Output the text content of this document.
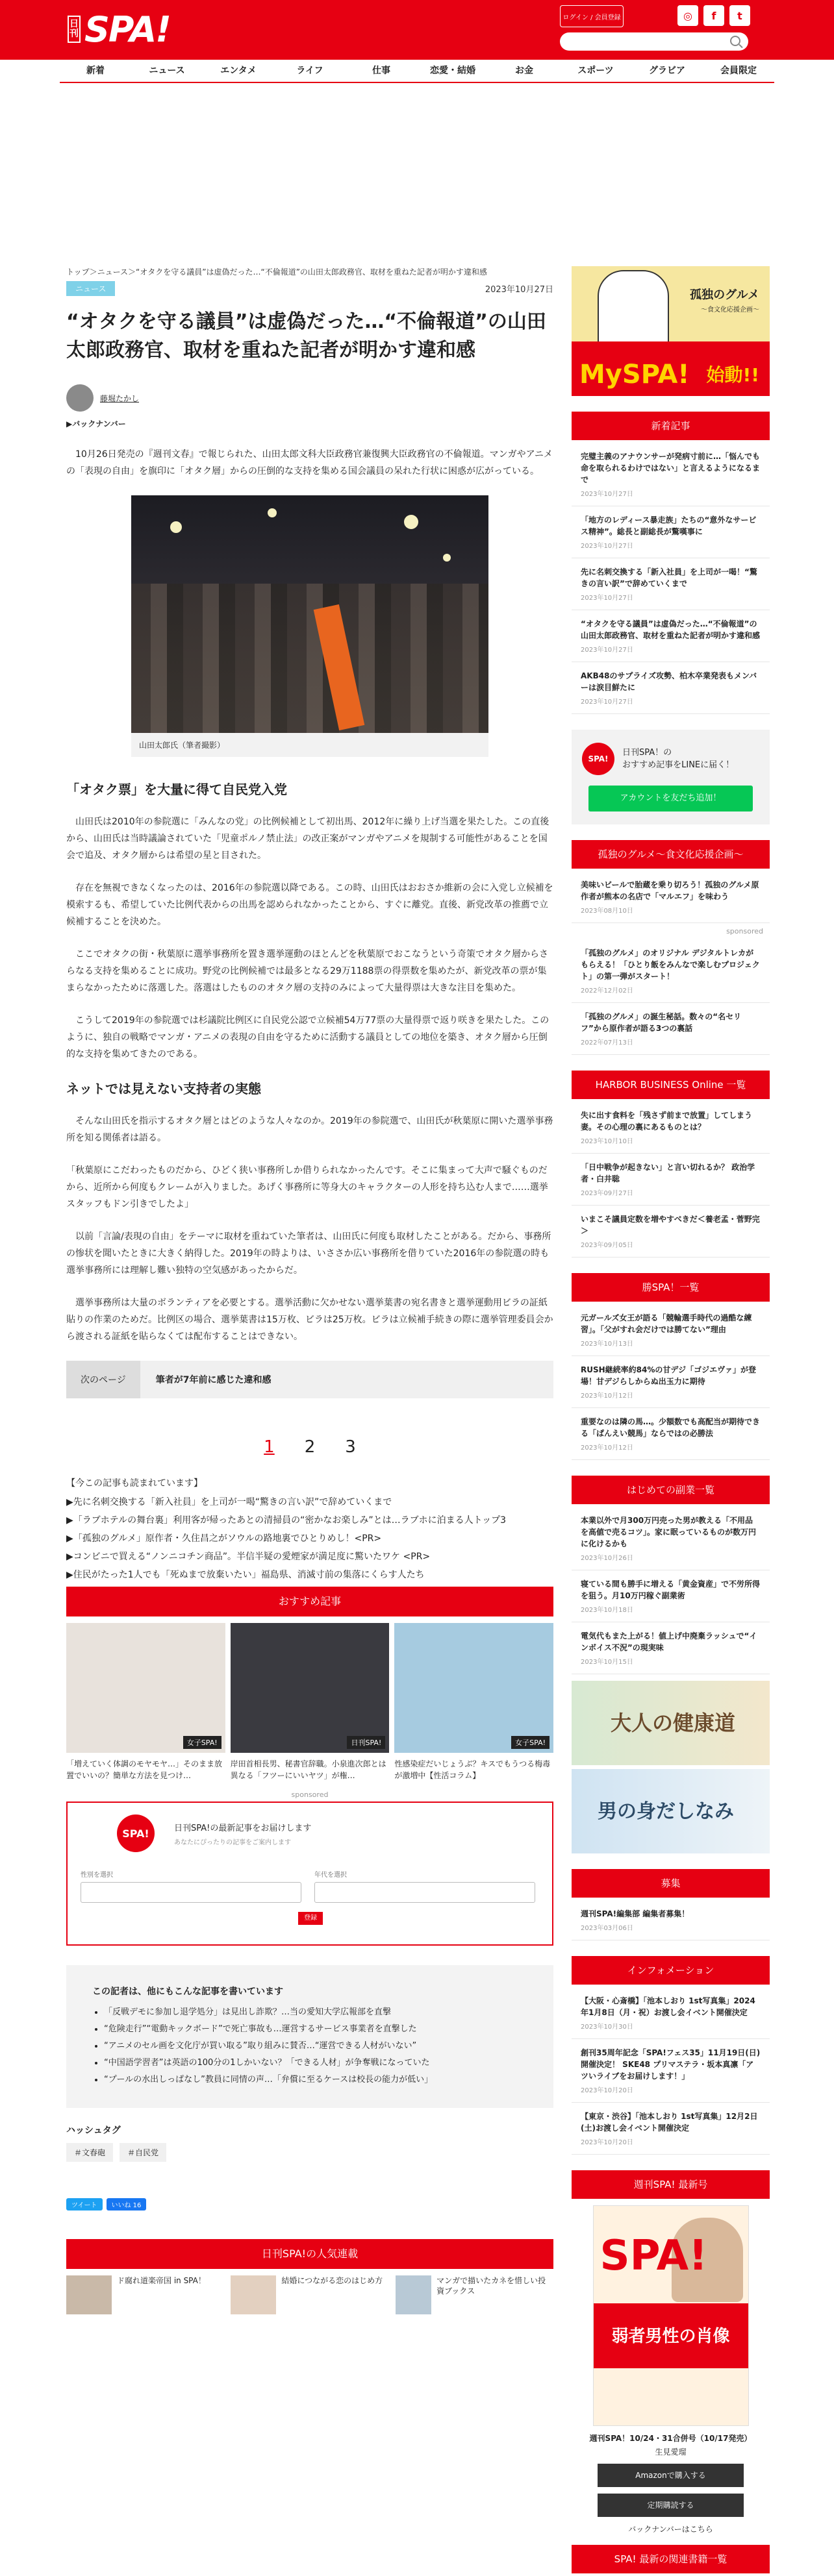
日刊 SPA!	ログイン / 会員登録	◎	f	t
新着	ニュース	エンタメ	ライフ	仕事	恋愛・結婚	お金	スポーツ	グラビア	会員限定
トップ＞ニュース＞“オタクを守る議員”は虚偽だった…“不倫報道”の山田太郎政務官、取材を重ねた記者が明かす違和感
ニュース	2023年10月27日
“オタクを守る議員”は虚偽だった…“不倫報道”の山田太郎政務官、取材を重ねた記者が明かす違和感
藤堀たかし
▶バックナンバー

10月26日発売の『週刊文春』で報じられた、山田太郎文科大臣政務官兼復興大臣政務官の不倫報道。マンガやアニメの「表現の自由」を旗印に「オタク層」からの圧倒的な支持を集める国会議員の呆れた行状に困惑が広がっている。

山田太郎氏（筆者撮影）
「オタク票」を大量に得て自民党入党

山田氏は2010年の参院選に「みんなの党」の比例候補として初出馬、2012年に繰り上げ当選を果たした。この直後から、山田氏は当時議論されていた「児童ポルノ禁止法」の改正案がマンガやアニメを規制する可能性があることを国会で追及、オタク層からは希望の星と目された。

存在を無視できなくなったのは、2016年の参院選以降である。この時、山田氏はおおさか維新の会に入党し立候補を模索するも、希望していた比例代表からの出馬を認められなかったことから、すぐに離党。直後、新党改革の推薦で立候補することを決めた。

ここでオタクの街・秋葉原に選挙事務所を置き選挙運動のほとんどを秋葉原でおこなうという奇策でオタク層からさらなる支持を集めることに成功。野党の比例候補では最多となる29万1188票の得票数を集めたが、新党改革の票が集まらなかったために落選した。落選はしたもののオタク層の支持のみによって大量得票は大きな注目を集めた。

こうして2019年の参院選では杉議院比例区に自民党公認で立候補54万77票の大量得票で返り咲きを果たした。このように、独自の戦略でマンガ・アニメの表現の自由を守るために活動する議員としての地位を築き、オタク層から圧倒的な支持を集めてきたのである。

ネットでは見えない支持者の実態

そんな山田氏を指示するオタク層とはどのような人々なのか。2019年の参院選で、山田氏が秋葉原に開いた選挙事務所を知る関係者は語る。

「秋葉原にこだわったものだから、ひどく狭い事務所しか借りられなかったんです。そこに集まって大声で騒ぐものだから、近所から何度もクレームが入りました。あげく事務所に等身大のキャラクターの人形を持ち込む人まで……選挙スタッフもドン引きでしたよ」

以前「言論/表現の自由」をテーマに取材を重ねていた筆者は、山田氏に何度も取材したことがある。だから、事務所の惨状を聞いたときに大きく納得した。2019年の時よりは、いささか広い事務所を借りていた2016年の参院選の時も選挙事務所には理解し難い独特の空気感があったからだ。

選挙事務所は大量のボランティアを必要とする。選挙活動に欠かせない選挙葉書の宛名書きと選挙運動用ビラの証紙貼りの作業のためだ。比例区の場合、選挙葉書は15万枚、ビラは25万枚。ビラは立候補手続きの際に選挙管理委員会から渡される証紙を貼らなくては配布することはできない。

次のページ	筆者が7年前に感じた違和感
1 2 3
【今この記事も読まれています】
▶先に名刺交換する「新入社員」を上司が一喝“驚きの言い訳”で辞めていくまで
▶「ラブホテルの舞台裏」利用客が帰ったあとの清掃員の“密かなお楽しみ”とは…ラブホに泊まる人トップ3
▶「孤独のグルメ」原作者・久住昌之がソウルの路地裏でひとりめし！<PR>
▶コンビニで買える“ノンニコチン商品”。半信半疑の愛煙家が満足度に驚いたワケ <PR>
▶住民がたった1人でも「死ぬまで放棄いたい」福島県、消滅寸前の集落にくらす人たち
おすすめ記事
女子SPA!
「増えていく体調のモヤモヤ…」そのまま放置でいいの？簡単な方法を見つけ…
日刊SPA!
岸田首相長男、秘書官辞職。小泉進次郎とは異なる「フツーにいいヤツ」が権…
女子SPA!
性感染症だいじょうぶ？キスでもうつる梅毒が激増中【性活コラム】
sponsored
SPA!	日刊SPA!の最新記事をお届けします
あなたにぴったりの記事をご案内します
性別を選択	年代を選択
登録
この記者は、他にもこんな記事を書いています
• 「反戦デモに参加し退学処分」は見出し詐欺？…当の愛知大学広報部を直撃
• “危険走行”“電動キックボード”で死亡事故も…運営するサービス事業者を直撃した
• “アニメのセル画を文化庁が買い取る”取り組みに賛否…“運営できる人材がいない”
• “中国語学習者”は英語の100分の1しかいない？「できる人材」が争奪戦になっていた
• “プールの水出しっぱなし”教員に同情の声…「弁償に至るケースは校長の能力が低い」
ハッシュタグ
＃文春砲	＃自民党
ツイート	いいね 16
日刊SPA!の人気連載
ド腐れ道楽帝国 in SPA！	結婚につながる恋のはじめ方	マンガで描いたカネを惜しい投資ブックス
孤独のグルメ
〜食文化応援企画〜
MySPA! 始動!!
新着記事
完璧主義のアナウンサーが発病寸前に…「悩んでも命を取られるわけではない」と言えるようになるまで
2023年10月27日
「地方のレディース暴走族」たちの“意外なサービス精神”。総長と副総長が驚嘆事に
2023年10月27日
先に名刺交換する「新入社員」を上司が一喝！“驚きの言い訳”で辞めていくまで
2023年10月27日
“オタクを守る議員”は虚偽だった…“不倫報道”の山田太郎政務官、取材を重ねた記者が明かす違和感
2023年10月27日
AKB48のサプライズ攻勢、柏木卒業発表もメンバーは涙目鮮たに
2023年10月27日
SPA!
日刊SPA！の
おすすめ記事をLINEに届く！
アカウントを友だち追加！
孤独のグルメ〜食文化応援企画〜
美味いビールで胎蔵を乗り切ろう！孤独のグルメ原作者が熊本の名店で「マルエフ」を味わう
2023年08月10日
sponsored
「孤独のグルメ」のオリジナル デジタルトレカがもらえる！「ひとり飯をみんなで楽しむプロジェクト」の第一弾がスタート！
2022年12月02日
「孤独のグルメ」の誕生秘話。数々の“名セリフ”から原作者が語る3つの裏話
2022年07月13日
HARBOR BUSINESS Online 一覧
失に出す食料を「残さず前まで放置」してしまう妻。その心理の裏にあるものとは？
2023年10月10日
「日中戦争が起きない」と言い切れるか？ 政治学者・白井聡
2023年09月27日
いまこそ議員定数を増やすべきだ＜養老孟・菅野完＞
2023年09月05日
勝SPA！一覧
元ガールズ女王が語る「競輪選手時代の過酷な練習」。「父がすれ会だけでは勝てない”理由
2023年10月13日
RUSH継続率約84%の甘デジ「ゴジエヴァ」が登場！甘デジらしからぬ出玉力に期待
2023年10月12日
重要なのは隣の馬…。少額数でも高配当が期待できる「ぱんえい競馬」ならではの必勝法
2023年10月12日
はじめての副業一覧
本業以外で月300万円売った男が教える「不用品を高値で売るコツ」。家に眠っているものが数万円に化けるかも
2023年10月26日
寝ている間も勝手に増える「黄金資産」で不労所得を狙う。月10万円稼ぐ副業術
2023年10月18日
電気代もまた上がる！値上げ中廃棄ラッシュで“インボイス不況”の現実味
2023年10月15日
大人の健康道
男の身だしなみ
募集
週刊SPA!編集部 編集者募集！
2023年03月06日
インフォメーション
【大阪・心斎橋】「池本しおり 1st写真集」2024年1月8日（月・祝）お渡し会イベント開催決定
2023年10月30日
創刊35周年記念「SPA!フェス35」11月19日(日)開催決定！ SKE48 プリマステラ・坂本真凛「アツいライブをお届けします！」
2023年10月20日
【東京・渋谷】「池本しおり 1st写真集」12月2日(土)お渡し会イベント開催決定
2023年10月20日
週刊SPA! 最新号
SPA!
弱者男性の肖像
週刊SPA！10/24・31合併号（10/17発売）
生見愛瑠
Amazonで購入する
定期購読する
バックナンバーはこちら
SPA! 最新の関連書籍一覧
